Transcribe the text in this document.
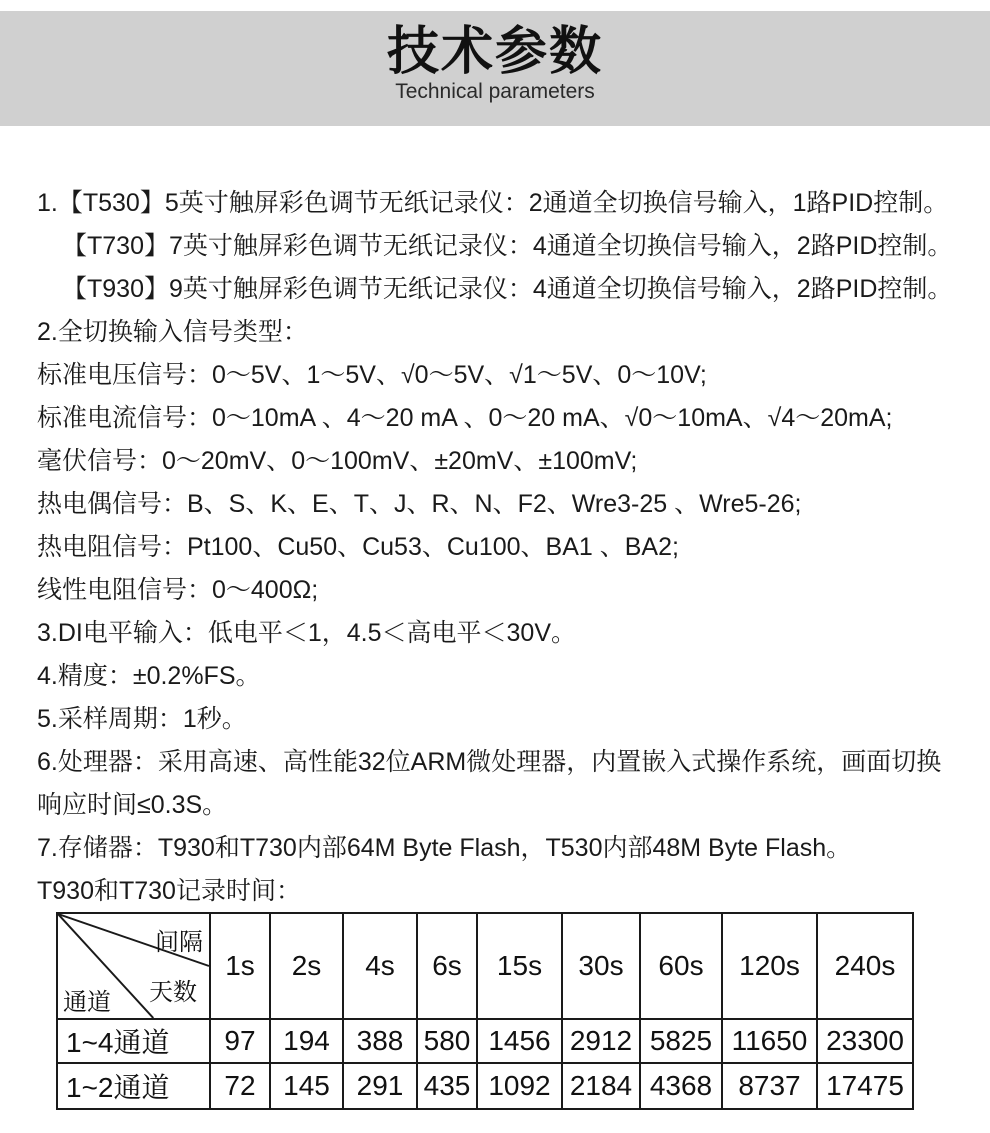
技术参数
Technical parameters

1.【T530】5英寸触屏彩色调节无纸记录仪：2通道全切换信号输入，1路PID控制。

【T730】7英寸触屏彩色调节无纸记录仪：4通道全切换信号输入，2路PID控制。

【T930】9英寸触屏彩色调节无纸记录仪：4通道全切换信号输入，2路PID控制。

2.全切换输入信号类型：

标准电压信号：0～5V、1～5V、√0～5V、√1～5V、0～10V;

标准电流信号：0～10mA 、4～20 mA 、0～20 mA、√0～10mA、√4～20mA;

毫伏信号：0～20mV、0～100mV、±20mV、±100mV;

热电偶信号：B、S、K、E、T、J、R、N、F2、Wre3-25 、Wre5-26;

热电阻信号：Pt100、Cu50、Cu53、Cu100、BA1 、BA2;

线性电阻信号：0～400Ω;

3.DI电平输入：低电平＜1，4.5＜高电平＜30V。

4.精度：±0.2%FS。

5.采样周期：1秒。

6.处理器：采用高速、高性能32位ARM微处理器，内置嵌入式操作系统，画面切换

响应时间≤0.3S。

7.存储器：T930和T730内部64M Byte Flash，T530内部48M Byte Flash。

T930和T730记录时间：

间隔
天数
通道	1s	2s	4s	6s	15s	30s	60s	120s	240s
1~4通道	97	194	388	580	1456	2912	5825	11650	23300
1~2通道	72	145	291	435	1092	2184	4368	8737	17475
